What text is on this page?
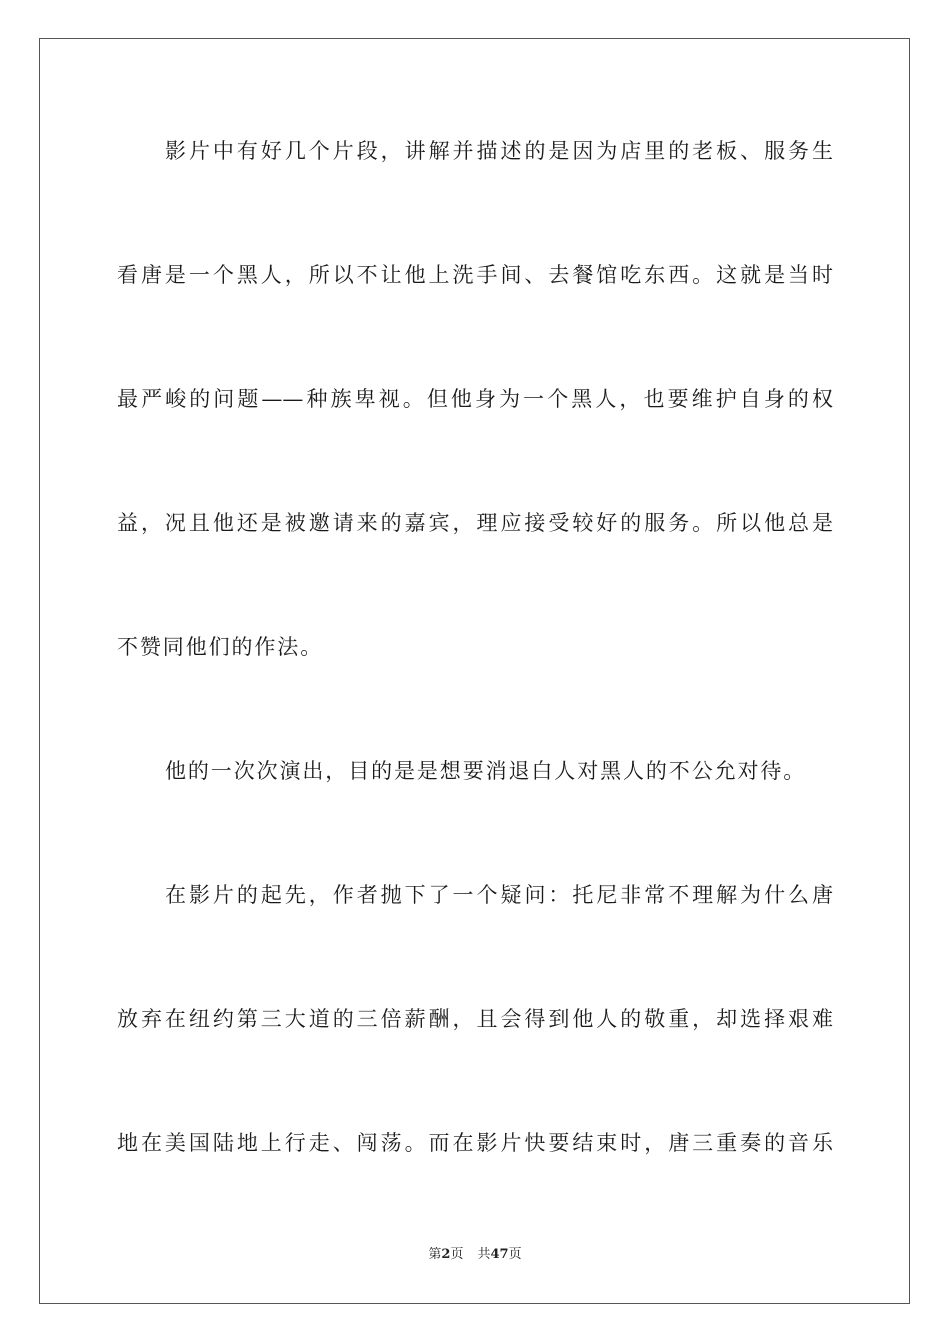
影片中有好几个片段，讲解并描述的是因为店里的老板、服务生
看唐是一个黑人，所以不让他上洗手间、去餐馆吃东西。这就是当时
最严峻的问题——种族卑视。但他身为一个黑人，也要维护自身的权
益，况且他还是被邀请来的嘉宾，理应接受较好的服务。所以他总是
不赞同他们的作法。
他的一次次演出，目的是是想要消退白人对黑人的不公允对待。
在影片的起先，作者抛下了一个疑问：托尼非常不理解为什么唐
放弃在纽约第三大道的三倍薪酬，且会得到他人的敬重，却选择艰难
地在美国陆地上行走、闯荡。而在影片快要结束时，唐三重奏的音乐
第2页 共47页
